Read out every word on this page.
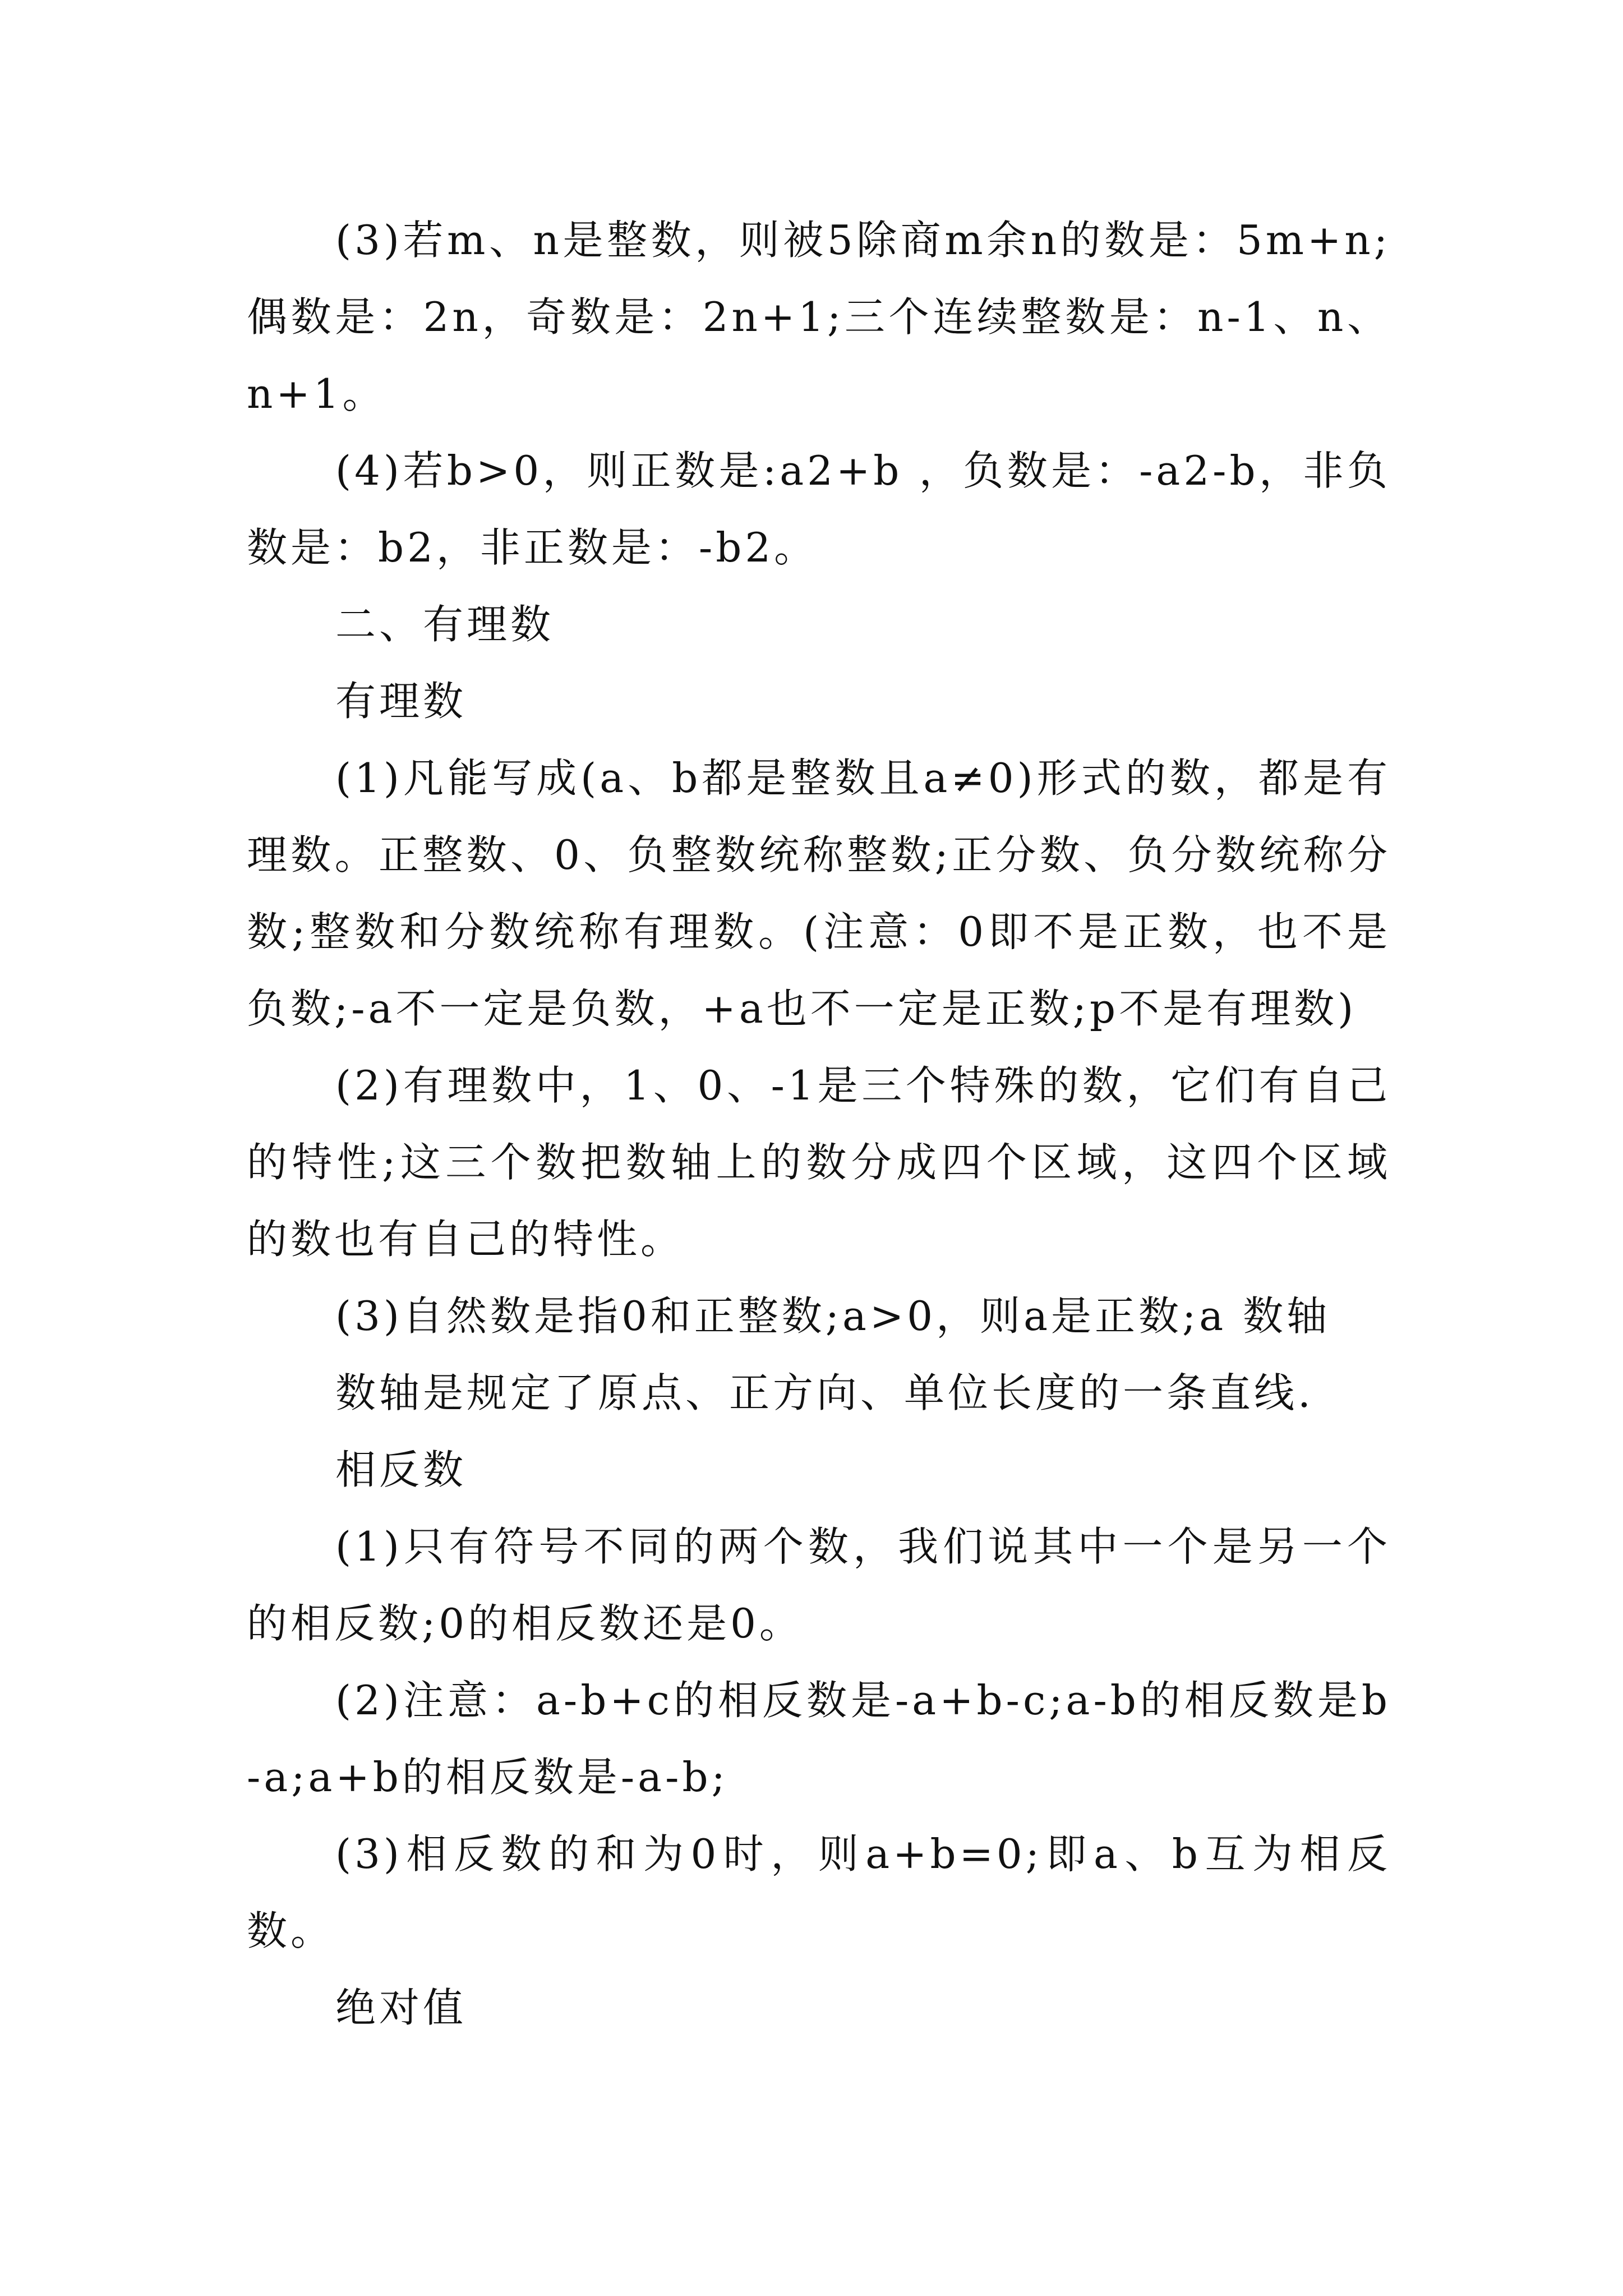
(3)若m、n是整数，则被5除商m余n的数是：5m+n;偶数是：2n，奇数是：2n+1;三个连续整数是：n-1、n、n+1。

(4)若b>0，则正数是:a2+b ，负数是：-a2-b，非负数是：b2，非正数是：-b2。

二、有理数

有理数

(1)凡能写成(a、b都是整数且a≠0)形式的数，都是有理数。正整数、0、负整数统称整数;正分数、负分数统称分数;整数和分数统称有理数。(注意：0即不是正数，也不是负数;-a不一定是负数，+a也不一定是正数;p不是有理数)

(2)有理数中，1、0、-1是三个特殊的数，它们有自己的特性;这三个数把数轴上的数分成四个区域，这四个区域的数也有自己的特性。

(3)自然数是指0和正整数;a>0，则a是正数;a 数轴

数轴是规定了原点、正方向、单位长度的一条直线.

相反数

(1)只有符号不同的两个数，我们说其中一个是另一个的相反数;0的相反数还是0。

(2)注意：a-b+c的相反数是-a+b-c;a-b的相反数是b-a;a+b的相反数是-a-b;

(3)相反数的和为0时，则a+b=0;即a、b互为相反数。

绝对值
